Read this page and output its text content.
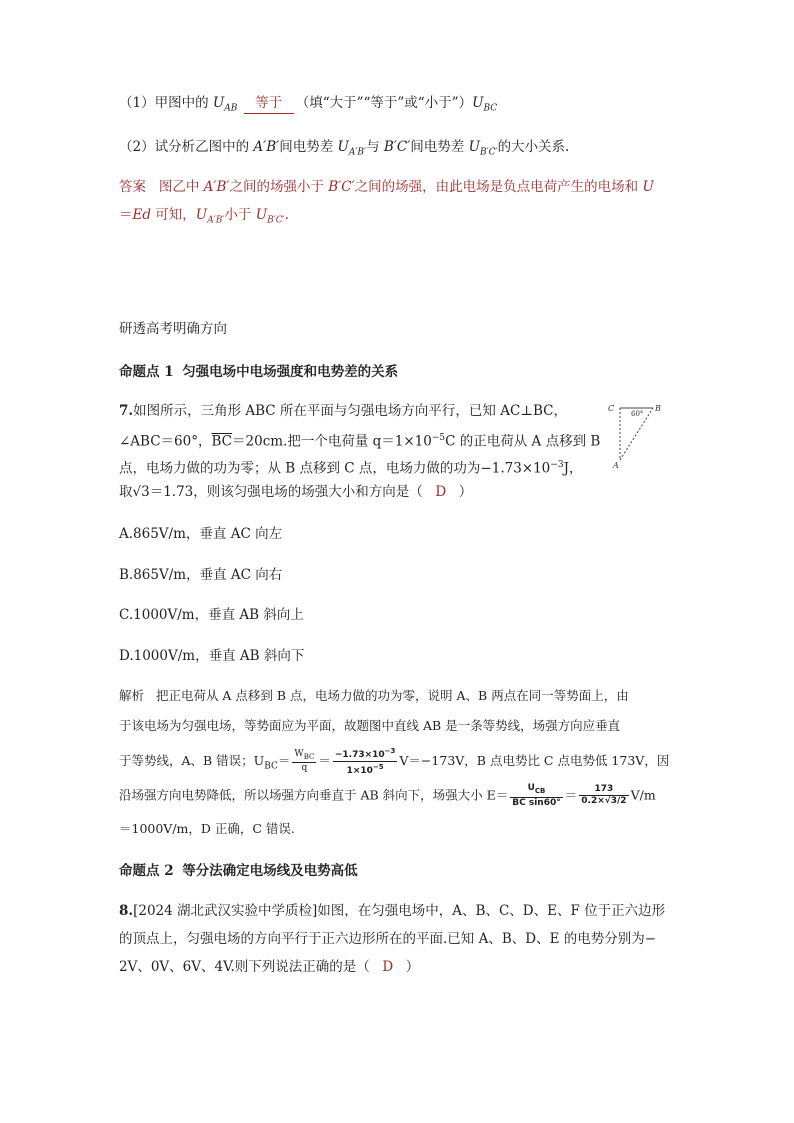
（1）甲图中的 $U_{AB}$ 等于 （填“大于”“等于”或“小于$”)U_{BC}$
（2）试分析乙图中的 A′B′间电势差 $U_{A'B'}$与 B′C′间电势差 $U_{B'C'}$的大小关系.
答案 图乙中 A′B′之间的场强小于 B′C′之间的场强，由此电场是负点电荷产生的电场和 U
＝Ed 可知，$U_{A'B'}$小于 $U_{B'C'}$.
研透高考明确方向
命题点 1 匀强电场中电场强度和电势差的关系
7.如图所示，三角形 ABC 所在平面与匀强电场方向平行，已知 AC⊥BC，
∠ABC＝60°，$\overline{BC}=20cm$.把一个电荷量 $q=1\times 10^{-5}C$ 的正电荷从 A 点移到 B
点，电场力做的功为零；从 B 点移到 C 点，电场力做的功为$-1.73\times 10^{-3}J$，
取√3＝1.73，则该匀强电场的场强大小和方向是（ D ）
C	B
A
60°
A.865V/m，垂直 AC 向左
B.865V/m，垂直 AC 向右
C.1000V/m，垂直 AB 斜向上
D.1000V/m，垂直 AB 斜向下
解析 把正电荷从 A 点移到 B 点，电场力做的功为零，说明 A、B 两点在同一等势面上，由
于该电场为匀强电场，等势面应为平面，故题图中直线 AB 是一条等势线，场强方向应垂直
于等势线，A、B 错误；$U_{BC}= \frac{W_{BC}}{q} = \frac{-1.73\times 10^{-3}}{1\times 10^{-5}} V=-173V$，B 点电势比 C 点电势低 173V，因
沿场强方向电势降低，所以场强方向垂直于 AB 斜向下，场强大小 $E= \frac{U_{CB}}{\text{BC sin60°}} = \frac{173}{0.2\times√3/2} V/m$
＝1000V/m，D 正确，C 错误.
命题点 2 等分法确定电场线及电势高低
8.[2024 湖北武汉实验中学质检]如图，在匀强电场中，A、B、C、D、E、F 位于正六边形
的顶点上，匀强电场的方向平行于正六边形所在的平面.已知 A、B、D、E 的电势分别为−
2V、0V、6V、4V.则下列说法正确的是（ D ）
